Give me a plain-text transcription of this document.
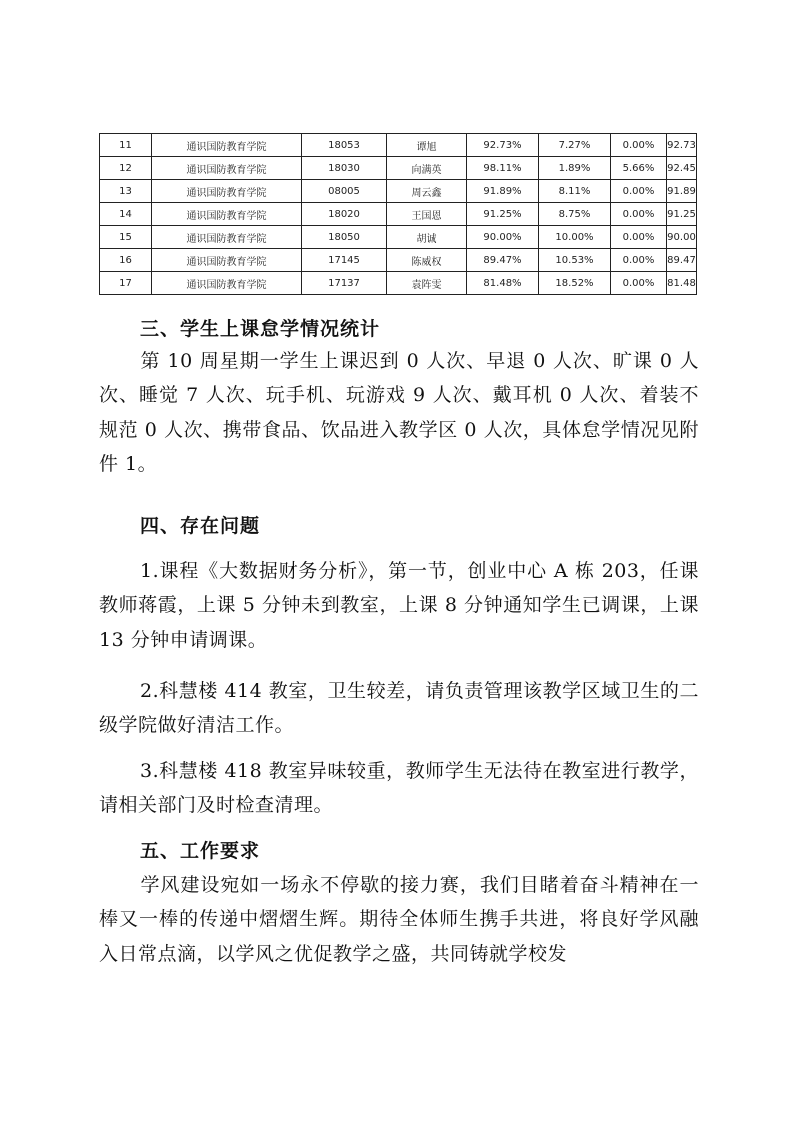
11	通识国防教育学院	18053	谭旭	92.73%	7.27%	0.00%	92.73
12	通识国防教育学院	18030	向满英	98.11%	1.89%	5.66%	92.45
13	通识国防教育学院	08005	周云鑫	91.89%	8.11%	0.00%	91.89
14	通识国防教育学院	18020	王国恩	91.25%	8.75%	0.00%	91.25
15	通识国防教育学院	18050	胡诚	90.00%	10.00%	0.00%	90.00
16	通识国防教育学院	17145	陈威权	89.47%	10.53%	0.00%	89.47
17	通识国防教育学院	17137	袁阵雯	81.48%	18.52%	0.00%	81.48
三、学生上课怠学情况统计
第 10 周星期一学生上课迟到 0 人次、早退 0 人次、旷课 0 人次、睡觉 7 人次、玩手机、玩游戏 9 人次、戴耳机 0 人次、着装不规范 0 人次、携带食品、饮品进入教学区 0 人次，具体怠学情况见附件 1。
四、存在问题
1.课程《大数据财务分析》，第一节，创业中心 A 栋 203，任课教师蒋霞，上课 5 分钟未到教室，上课 8 分钟通知学生已调课，上课 13 分钟申请调课。
2.科慧楼 414 教室，卫生较差，请负责管理该教学区域卫生的二级学院做好清洁工作。
3.科慧楼 418 教室异味较重，教师学生无法待在教室进行教学，请相关部门及时检查清理。
五、工作要求
学风建设宛如一场永不停歇的接力赛，我们目睹着奋斗精神在一棒又一棒的传递中熠熠生辉。期待全体师生携手共进，将良好学风融入日常点滴，以学风之优促教学之盛，共同铸就学校发
